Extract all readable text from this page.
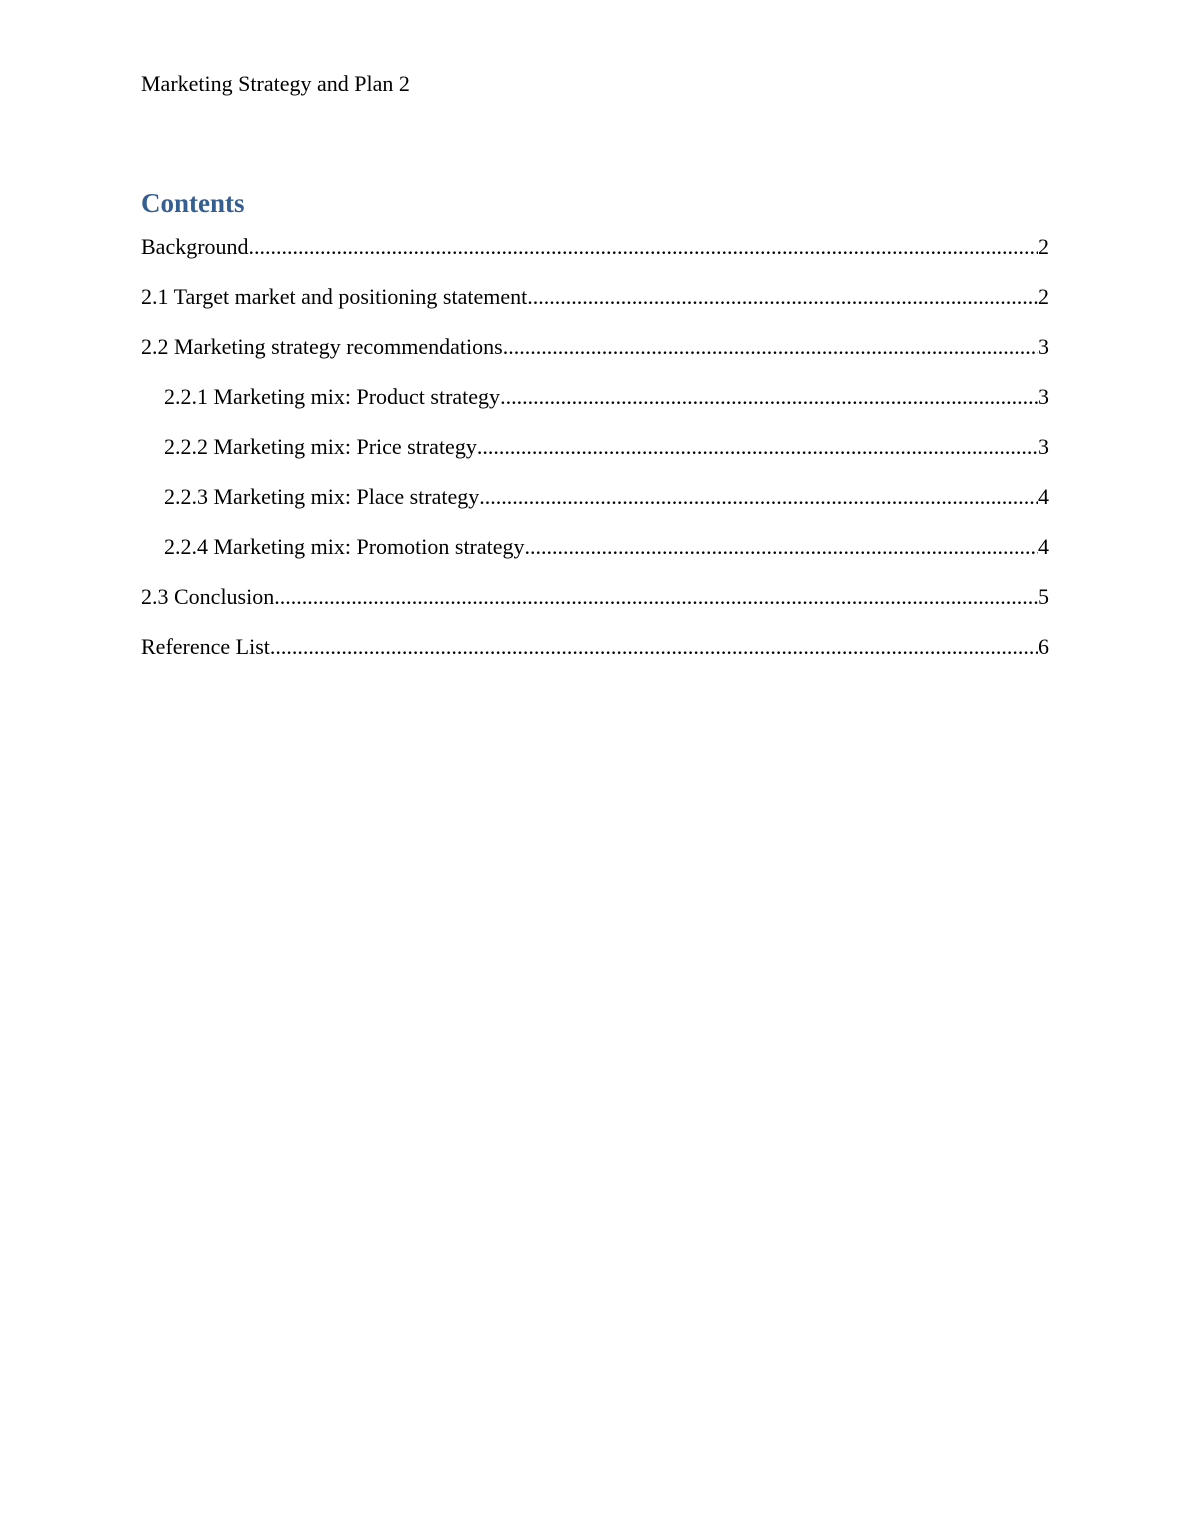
Marketing Strategy and Plan 2
Contents
Background .....	2
2.1 Target market and positioning statement .....	2
2.2 Marketing strategy recommendations .....	3
2.2.1 Marketing mix: Product strategy .....	3
2.2.2 Marketing mix: Price strategy .....	3
2.2.3 Marketing mix: Place strategy .....	4
2.2.4 Marketing mix: Promotion strategy .....	4
2.3 Conclusion .....	5
Reference List .....	6
